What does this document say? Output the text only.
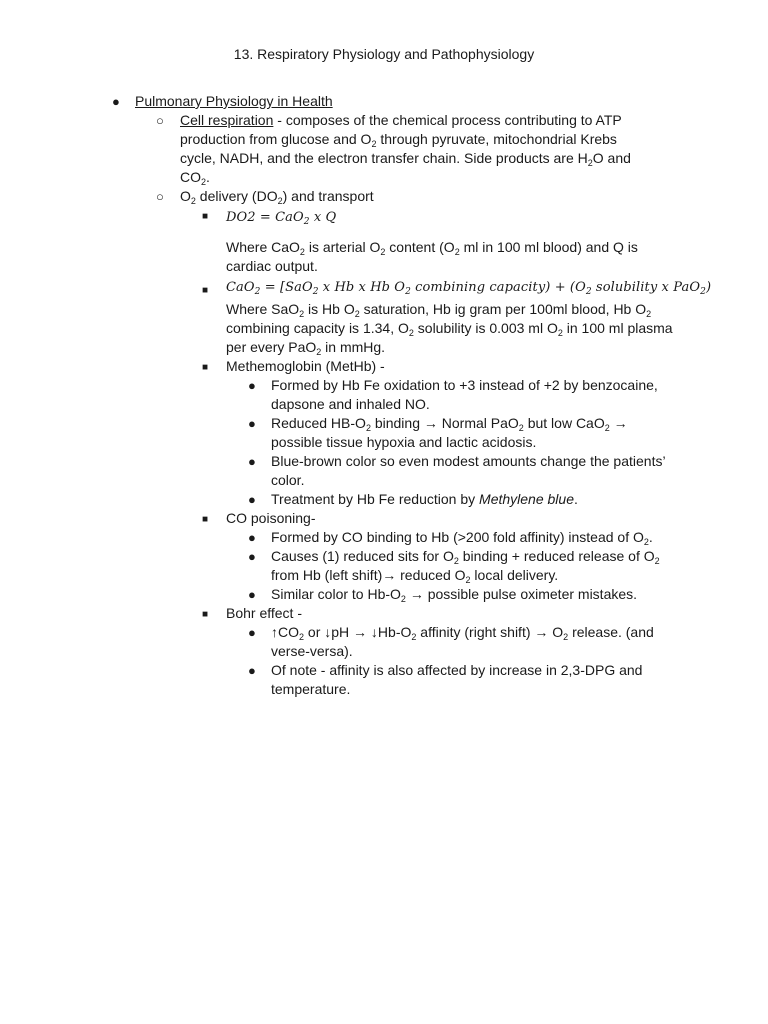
13. Respiratory Physiology and Pathophysiology
● Pulmonary Physiology in Health
○ Cell respiration - composes of the chemical process contributing to ATP production from glucose and $O_2$ through pyruvate, mitochondrial Krebs cycle, NADH, and the electron transfer chain. Side products are $H_2O$ and $CO_2$.
○ $O_2$ delivery $(DO_2)$ and transport
■ DO2 = CaO$_2$ x Q
Where CaO$_2$ is arterial $O_2$ content ($O_2$ ml in 100 ml blood) and Q is cardiac output.
■ CaO$_2$ = [SaO$_2$ x Hb x Hb $O_2$ combining capacity) + ($O_2$ solubility x PaO$_2$)
Where SaO$_2$ is Hb $O_2$ saturation, Hb ig gram per 100ml blood, Hb $O_2$ combining capacity is 1.34, $O_2$ solubility is 0.003 ml $O_2$ in 100 ml plasma per every PaO$_2$ in mmHg.
■ Methemoglobin (MetHb) -
● Formed by Hb Fe oxidation to +3 instead of +2 by benzocaine, dapsone and inhaled NO.
● Reduced $HB-O_2$ binding → Normal PaO$_2$ but low CaO$_2$ → possible tissue hypoxia and lactic acidosis.
● Blue-brown color so even modest amounts change the patients’ color.
● Treatment by Hb Fe reduction by Methylene blue.
■ CO poisoning-
● Formed by CO binding to Hb (>200 fold affinity) instead of $O_2$.
● Causes (1) reduced sits for $O_2$ binding + reduced release of $O_2$ from Hb (left shift)→ reduced $O_2$ local delivery.
● Similar color to $Hb-O_2$ → possible pulse oximeter mistakes.
■ Bohr effect -
● $↑CO_2$ or ↓pH → $↓Hb-O_2$ affinity (right shift) → $O_2$ release. (and verse-versa).
● Of note - affinity is also affected by increase in 2,3-DPG and temperature.
